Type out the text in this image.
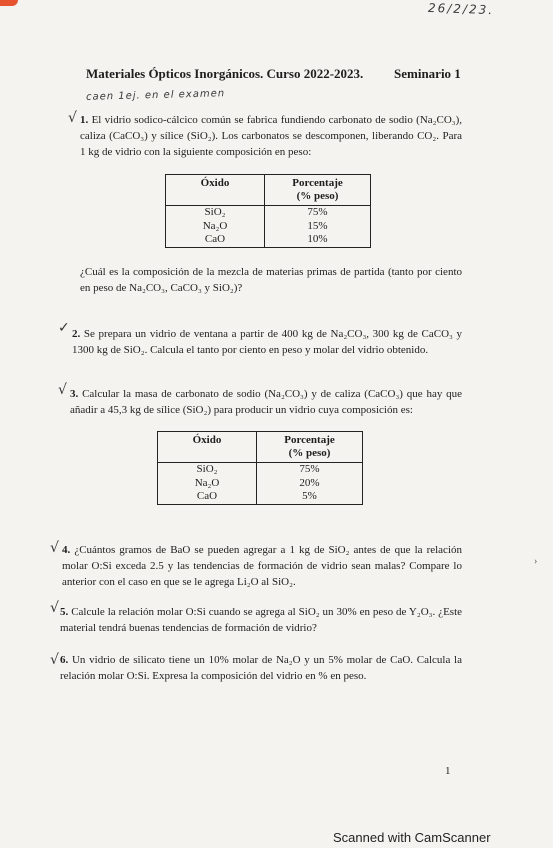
26/2/23.
Materiales Ópticos Inorgánicos. Curso 2022-2023. Seminario 1
caen 1ej. en el examen
√ 1. El vidrio sodico-cálcico común se fabrica fundiendo carbonato de sodio (Na₂CO₃), caliza (CaCO₃) y sílice (SiO₂). Los carbonatos se descomponen, liberando CO₂. Para 1 kg de vidrio con la siguiente composición en peso:
Óxido	Porcentaje
(% peso)

SiO₂	75%
Na₂O	15%
CaO	10%
¿Cuál es la composición de la mezcla de materias primas de partida (tanto por ciento en peso de Na₂CO₃, CaCO₃ y SiO₂)?
✓ 2. Se prepara un vidrio de ventana a partir de 400 kg de Na₂CO₃, 300 kg de CaCO₃ y 1300 kg de SiO₂. Calcula el tanto por ciento en peso y molar del vidrio obtenido.
√ 3. Calcular la masa de carbonato de sodio (Na₂CO₃) y de caliza (CaCO₃) que hay que añadir a 45,3 kg de sílice (SiO₂) para producir un vidrio cuya composición es:
Óxido	Porcentaje
(% peso)

SiO₂	75%
Na₂O	20%
CaO	5%
√ 4. ¿Cuántos gramos de BaO se pueden agregar a 1 kg de SiO₂ antes de que la relación molar O:Si exceda 2.5 y las tendencias de formación de vidrio sean malas? Compare lo anterior con el caso en que se le agrega Li₂O al SiO₂.
›
√ 5. Calcule la relación molar O:Si cuando se agrega al SiO₂ un 30% en peso de Y₂O₃. ¿Este material tendrá buenas tendencias de formación de vidrio?
√ 6. Un vidrio de silicato tiene un 10% molar de Na₂O y un 5% molar de CaO. Calcula la relación molar O:Si. Expresa la composición del vidrio en % en peso.
1
Scanned with CamScanner
